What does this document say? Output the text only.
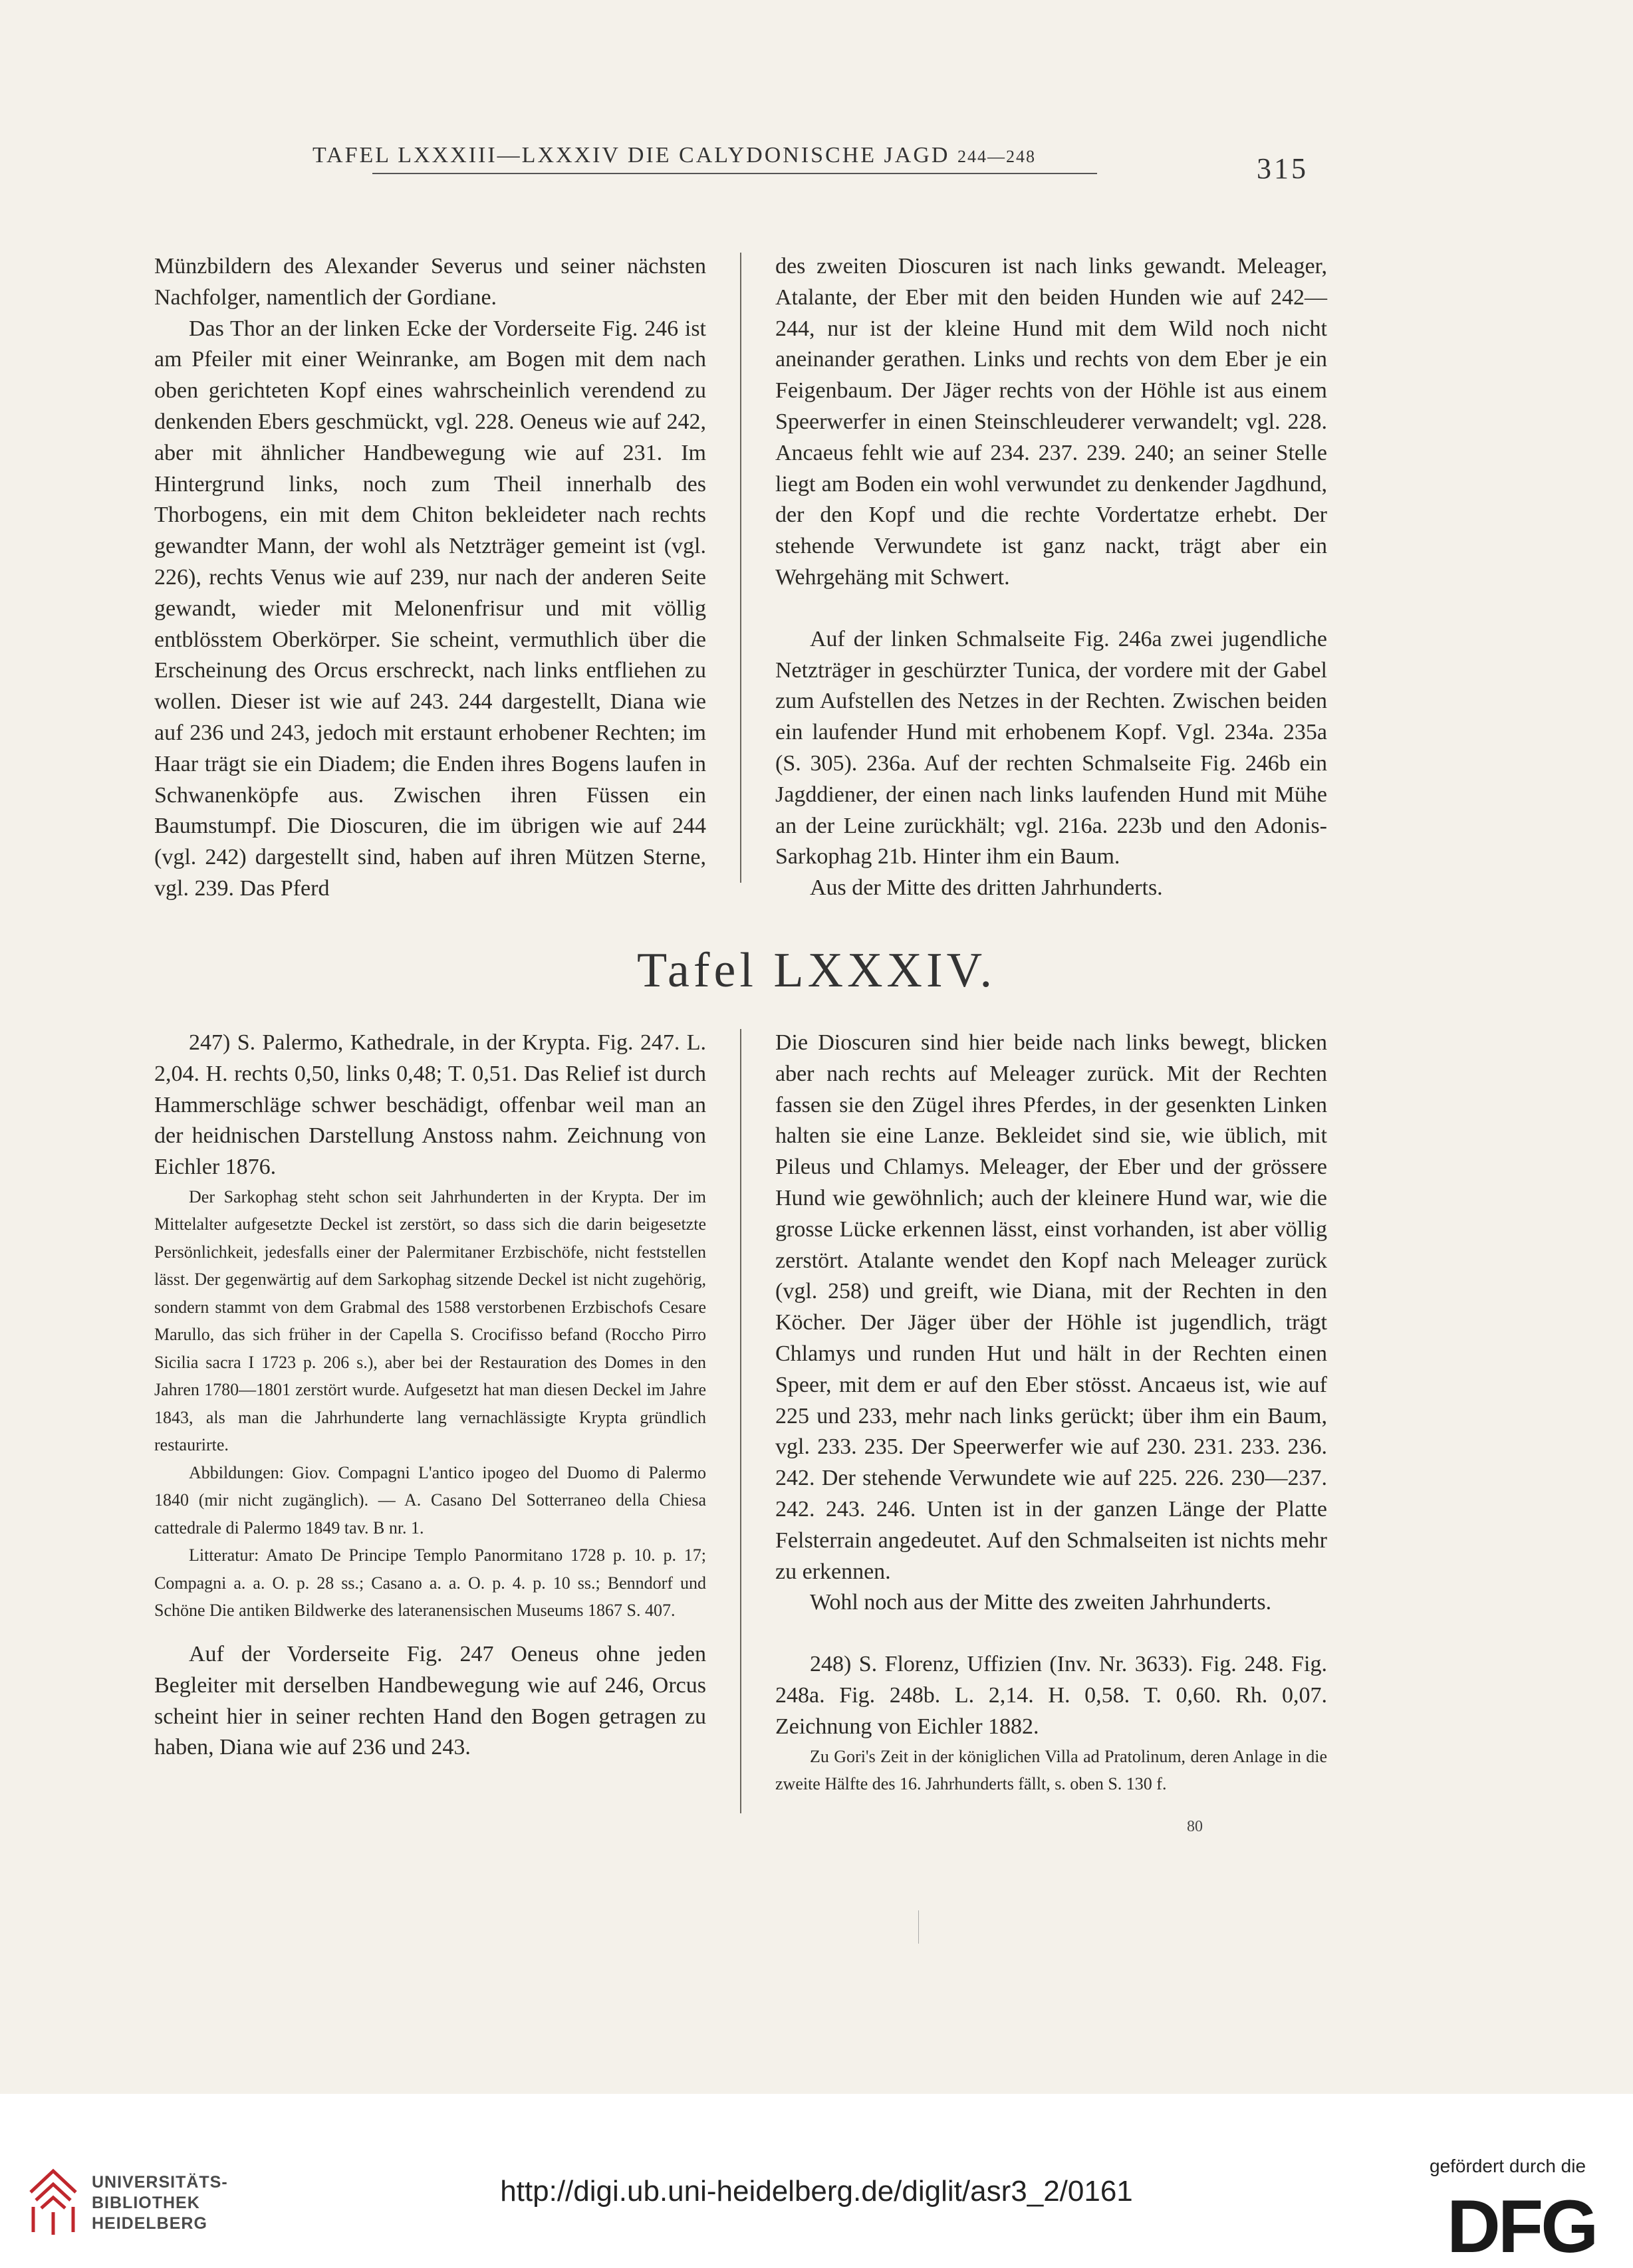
TAFEL LXXXIII—LXXXIV DIE CALYDONISCHE JAGD 244—248	315

Münzbildern des Alexander Severus und seiner nächsten Nachfolger, namentlich der Gordiane.

Das Thor an der linken Ecke der Vorderseite Fig. 246 ist am Pfeiler mit einer Weinranke, am Bogen mit dem nach oben gerichteten Kopf eines wahrscheinlich verendend zu denkenden Ebers geschmückt, vgl. 228. Oeneus wie auf 242, aber mit ähnlicher Handbewegung wie auf 231. Im Hintergrund links, noch zum Theil innerhalb des Thorbogens, ein mit dem Chiton bekleideter nach rechts gewandter Mann, der wohl als Netzträger gemeint ist (vgl. 226), rechts Venus wie auf 239, nur nach der anderen Seite gewandt, wieder mit Melonenfrisur und mit völlig entblösstem Oberkörper. Sie scheint, vermuthlich über die Erscheinung des Orcus erschreckt, nach links entfliehen zu wollen. Dieser ist wie auf 243. 244 dargestellt, Diana wie auf 236 und 243, jedoch mit erstaunt erhobener Rechten; im Haar trägt sie ein Diadem; die Enden ihres Bogens laufen in Schwanenköpfe aus. Zwischen ihren Füssen ein Baumstumpf. Die Dioscuren, die im übrigen wie auf 244 (vgl. 242) dargestellt sind, haben auf ihren Mützen Sterne, vgl. 239. Das Pferd

des zweiten Dioscuren ist nach links gewandt. Meleager, Atalante, der Eber mit den beiden Hunden wie auf 242—244, nur ist der kleine Hund mit dem Wild noch nicht aneinander gerathen. Links und rechts von dem Eber je ein Feigenbaum. Der Jäger rechts von der Höhle ist aus einem Speerwerfer in einen Steinschleuderer verwandelt; vgl. 228. Ancaeus fehlt wie auf 234. 237. 239. 240; an seiner Stelle liegt am Boden ein wohl verwundet zu denkender Jagdhund, der den Kopf und die rechte Vordertatze erhebt. Der stehende Verwundete ist ganz nackt, trägt aber ein Wehrgehäng mit Schwert.

Auf der linken Schmalseite Fig. 246a zwei jugendliche Netzträger in geschürzter Tunica, der vordere mit der Gabel zum Aufstellen des Netzes in der Rechten. Zwischen beiden ein laufender Hund mit erhobenem Kopf. Vgl. 234a. 235a (S. 305). 236a. Auf der rechten Schmalseite Fig. 246b ein Jagddiener, der einen nach links laufenden Hund mit Mühe an der Leine zurückhält; vgl. 216a. 223b und den Adonis-Sarkophag 21b. Hinter ihm ein Baum.

Aus der Mitte des dritten Jahrhunderts.

Tafel LXXXIV.

247) S. Palermo, Kathedrale, in der Krypta. Fig. 247. L. 2,04. H. rechts 0,50, links 0,48; T. 0,51. Das Relief ist durch Hammerschläge schwer beschädigt, offenbar weil man an der heidnischen Darstellung Anstoss nahm. Zeichnung von Eichler 1876.

Der Sarkophag steht schon seit Jahrhunderten in der Krypta. Der im Mittelalter aufgesetzte Deckel ist zerstört, so dass sich die darin beigesetzte Persönlichkeit, jedesfalls einer der Palermitaner Erzbischöfe, nicht feststellen lässt. Der gegenwärtig auf dem Sarkophag sitzende Deckel ist nicht zugehörig, sondern stammt von dem Grabmal des 1588 verstorbenen Erzbischofs Cesare Marullo, das sich früher in der Capella S. Crocifisso befand (Roccho Pirro Sicilia sacra I 1723 p. 206 s.), aber bei der Restauration des Domes in den Jahren 1780—1801 zerstört wurde. Aufgesetzt hat man diesen Deckel im Jahre 1843, als man die Jahrhunderte lang vernachlässigte Krypta gründlich restaurirte.

Abbildungen: Giov. Compagni L'antico ipogeo del Duomo di Palermo 1840 (mir nicht zugänglich). — A. Casano Del Sotterraneo della Chiesa cattedrale di Palermo 1849 tav. B nr. 1.

Litteratur: Amato De Principe Templo Panormitano 1728 p. 10. p. 17; Compagni a. a. O. p. 28 ss.; Casano a. a. O. p. 4. p. 10 ss.; Benndorf und Schöne Die antiken Bildwerke des lateranensischen Museums 1867 S. 407.

Auf der Vorderseite Fig. 247 Oeneus ohne jeden Begleiter mit derselben Handbewegung wie auf 246, Orcus scheint hier in seiner rechten Hand den Bogen getragen zu haben, Diana wie auf 236 und 243.

Die Dioscuren sind hier beide nach links bewegt, blicken aber nach rechts auf Meleager zurück. Mit der Rechten fassen sie den Zügel ihres Pferdes, in der gesenkten Linken halten sie eine Lanze. Bekleidet sind sie, wie üblich, mit Pileus und Chlamys. Meleager, der Eber und der grössere Hund wie gewöhnlich; auch der kleinere Hund war, wie die grosse Lücke erkennen lässt, einst vorhanden, ist aber völlig zerstört. Atalante wendet den Kopf nach Meleager zurück (vgl. 258) und greift, wie Diana, mit der Rechten in den Köcher. Der Jäger über der Höhle ist jugendlich, trägt Chlamys und runden Hut und hält in der Rechten einen Speer, mit dem er auf den Eber stösst. Ancaeus ist, wie auf 225 und 233, mehr nach links gerückt; über ihm ein Baum, vgl. 233. 235. Der Speerwerfer wie auf 230. 231. 233. 236. 242. Der stehende Verwundete wie auf 225. 226. 230—237. 242. 243. 246. Unten ist in der ganzen Länge der Platte Felsterrain angedeutet. Auf den Schmalseiten ist nichts mehr zu erkennen.

Wohl noch aus der Mitte des zweiten Jahrhunderts.

248) S. Florenz, Uffizien (Inv. Nr. 3633). Fig. 248. Fig. 248a. Fig. 248b. L. 2,14. H. 0,58. T. 0,60. Rh. 0,07. Zeichnung von Eichler 1882.

Zu Gori's Zeit in der königlichen Villa ad Pratolinum, deren Anlage in die zweite Hälfte des 16. Jahrhunderts fällt, s. oben S. 130 f.

80
UNIVERSITÄTS-
BIBLIOTHEK
HEIDELBERG
http://digi.ub.uni-heidelberg.de/diglit/asr3_2/0161
gefördert durch die
DFG
